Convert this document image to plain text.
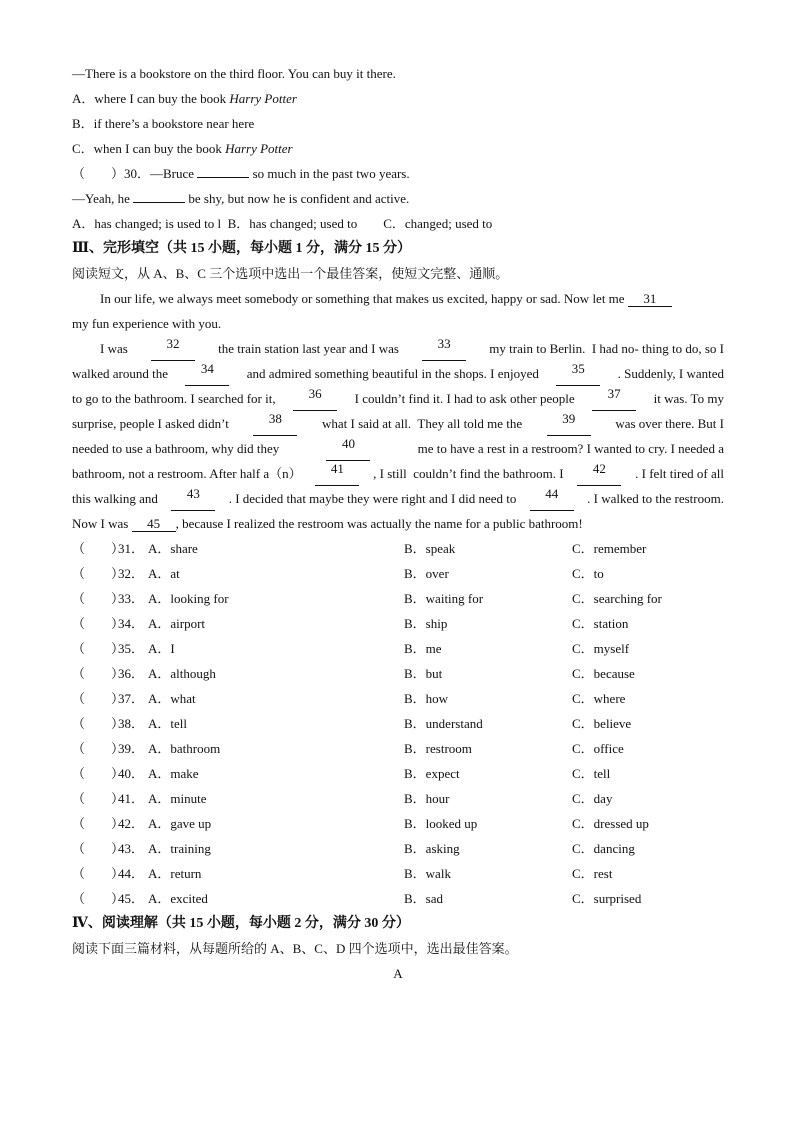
—There is a bookstore on the third floor. You can buy it there.
A．where I can buy the book Harry Potter
B．if there’s a bookstore near here
C．when I can buy the book Harry Potter
（　　）30．—Bruce	so much in the past two years.
—Yeah, he	be shy, but now he is confident and active.
A．has changed; is used to l  B．has changed; used to        C．changed; used to
Ⅲ、完形填空（共 15 小题，每小题 1 分，满分 15 分）
阅读短文，从 A、B、C 三个选项中选出一个最佳答案，使短文完整、通顺。
In our life, we always meet somebody or something that makes us excited, happy or sad. Now let me 31
my fun experience with you.
I was	32	the train station last year and I was	33	my train to Berlin.  I had no- thing to do, so I
walked around the	34	and admired something beautiful in the shops. I enjoyed	35	. Suddenly, I wanted
to go to the bathroom. I searched for it,	36	I couldn’t find it. I had to ask other people	37	it was. To my
surprise, people I asked didn’t	38	what I said at all.  They all told me the	39	was over there. But I
needed to use a bathroom, why did they	40	me to have a rest in a restroom? I wanted to cry. I needed a
bathroom, not a restroom. After half a（n）	41	, I still  couldn’t find the bathroom. I	42	. I felt tired of all
this walking and	43	. I decided that maybe they were right and I did need to	44	. I walked to the restroom.
Now I was 45 , because I realized the restroom was actually the name for a public bathroom!
（　　）
31． A．share	B．speak	C．remember
（　　）
32． A．at	B．over	C．to
（　　）
33． A．looking for	B．waiting for	C．searching for
（　　）
34． A．airport	B．ship	C．station
（　　）
35． A．I	B．me	C．myself
（　　）
36． A．although	B．but	C．because
（　　）
37． A．what	B．how	C．where
（　　）
38． A．tell	B．understand	C．believe
（　　）
39． A．bathroom	B．restroom	C．office
（　　）
40． A．make	B．expect	C．tell
（　　）
41． A．minute	B．hour	C．day
（　　）
42． A．gave up	B．looked up	C．dressed up
（　　）
43． A．training	B．asking	C．dancing
（　　）
44． A．return	B．walk	C．rest
（　　）
45． A．excited	B．sad	C．surprised
Ⅳ、阅读理解（共 15 小题，每小题 2 分，满分 30 分）
阅读下面三篇材料，从每题所给的 A、B、C、D 四个选项中，选出最佳答案。
A
